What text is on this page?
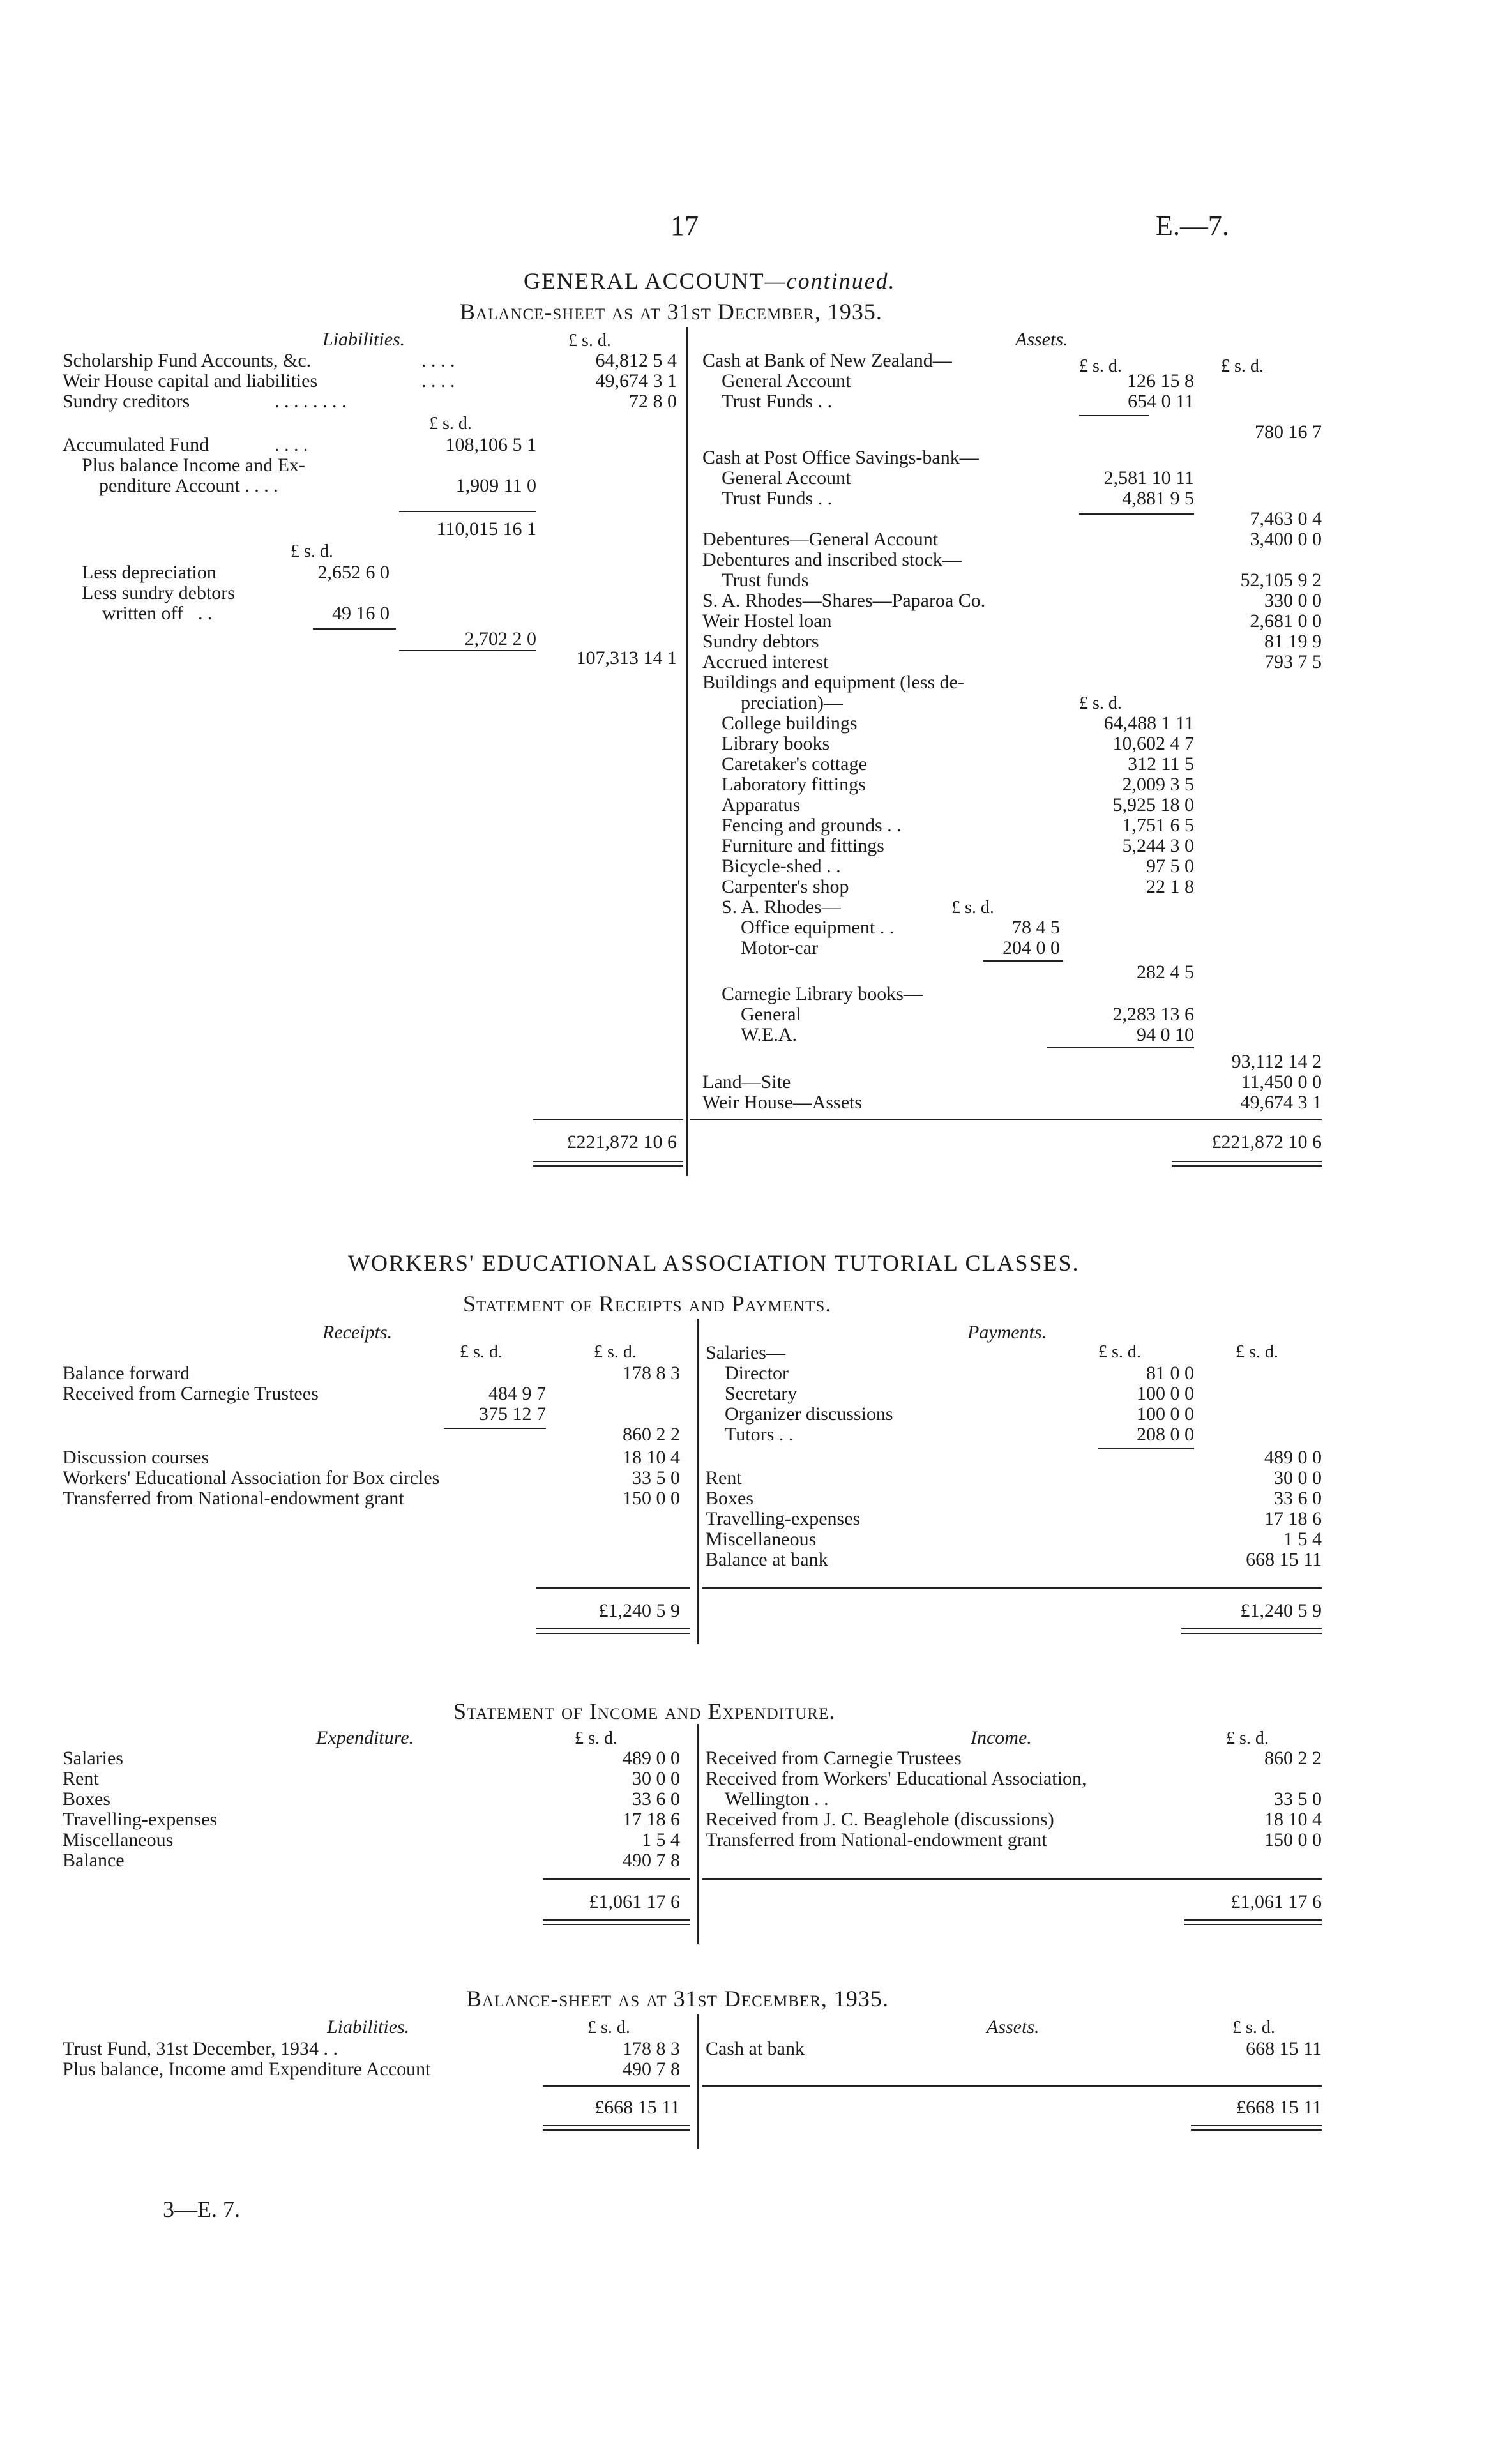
17	E.—7.
GENERAL ACCOUNT—continued.
Balance-sheet as at 31st December, 1935.
Liabilities.	£ s. d.
Scholarship Fund Accounts, &c.	. . . .	64,812 5 4
Weir House capital and liabilities	. . . .	49,674 3 1
Sundry creditors	. . . . . . . .	72 8 0
£ s. d.
Accumulated Fund	. . . .	108,106 5 1
Plus balance Income and Ex-
penditure Account . . . .	1,909 11 0
110,015 16 1
£ s. d.
Less depreciation	2,652 6 0
Less sundry debtors
written off . .	49 16 0
2,702 2 0
107,313 14 1
£221,872 10 6
Assets.
£ s. d.	£ s. d.
Cash at Bank of New Zealand—
General Account	126 15 8
Trust Funds . .	654 0 11
780 16 7
Cash at Post Office Savings-bank—
General Account	2,581 10 11
Trust Funds . .	4,881 9 5
7,463 0 4
Debentures—General Account	3,400 0 0
Debentures and inscribed stock—
Trust funds	52,105 9 2
S. A. Rhodes—Shares—Paparoa Co.	330 0 0
Weir Hostel loan	2,681 0 0
Sundry debtors	81 19 9
Accrued interest	793 7 5
Buildings and equipment (less de-
preciation)—	£ s. d.
College buildings	64,488 1 11
Library books	10,602 4 7
Caretaker's cottage	312 11 5
Laboratory fittings	2,009 3 5
Apparatus	5,925 18 0
Fencing and grounds . .	1,751 6 5
Furniture and fittings	5,244 3 0
Bicycle-shed . .	97 5 0
Carpenter's shop	22 1 8
S. A. Rhodes—	£ s. d.
Office equipment . .	78 4 5
Motor-car	204 0 0
282 4 5
Carnegie Library books—
General	2,283 13 6
W.E.A.	94 0 10
93,112 14 2
Land—Site	11,450 0 0
Weir House—Assets	49,674 3 1
£221,872 10 6
WORKERS' EDUCATIONAL ASSOCIATION TUTORIAL CLASSES.
Statement of Receipts and Payments.
Receipts.
£ s. d.	£ s. d.
Balance forward	178 8 3
Received from Carnegie Trustees	484 9 7
375 12 7
860 2 2
Discussion courses	18 10 4
Workers' Educational Association for Box circles	33 5 0
Transferred from National-endowment grant	150 0 0
£1,240 5 9
Payments.
£ s. d.	£ s. d.
Salaries—
Director	81 0 0
Secretary	100 0 0
Organizer discussions	100 0 0
Tutors . .	208 0 0
489 0 0
Rent	30 0 0
Boxes	33 6 0
Travelling-expenses	17 18 6
Miscellaneous	1 5 4
Balance at bank	668 15 11
£1,240 5 9
Statement of Income and Expenditure.
Expenditure.	£ s. d.
Salaries	489 0 0
Rent	30 0 0
Boxes	33 6 0
Travelling-expenses	17 18 6
Miscellaneous	1 5 4
Balance	490 7 8
£1,061 17 6
Income.	£ s. d.
Received from Carnegie Trustees	860 2 2
Received from Workers' Educational Association,
Wellington . .	33 5 0
Received from J. C. Beaglehole (discussions)	18 10 4
Transferred from National-endowment grant	150 0 0
£1,061 17 6
Balance-sheet as at 31st December, 1935.
Liabilities.	£ s. d.
Trust Fund, 31st December, 1934 . .	178 8 3
Plus balance, Income amd Expenditure Account	490 7 8
£668 15 11
Assets.	£ s. d.
Cash at bank	668 15 11
£668 15 11
3—E. 7.
